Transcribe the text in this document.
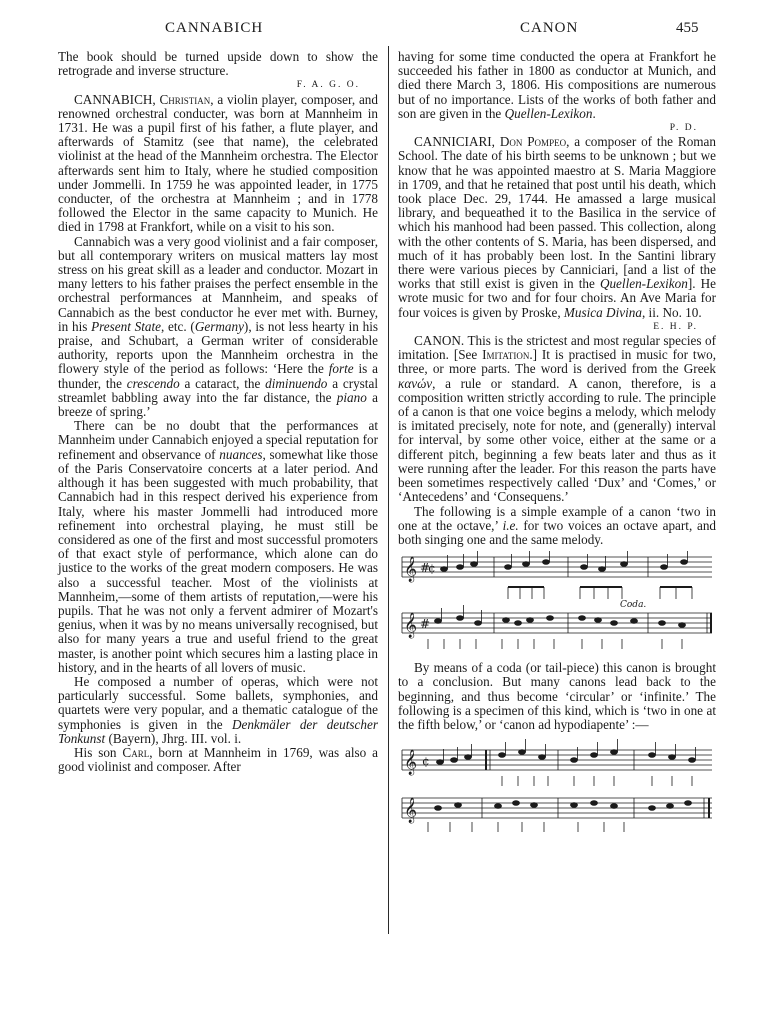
CANNABICH	CANON	455

The book should be turned upside down to show the retrograde and inverse structure.

F. A. G. O.

CANNABICH, Christian, a violin player, composer, and renowned orchestral conducter, was born at Mannheim in 1731. He was a pupil first of his father, a flute player, and afterwards of Stamitz (see that name), the celebrated violinist at the head of the Mannheim orchestra. The Elector afterwards sent him to Italy, where he studied composition under Jommelli. In 1759 he was appointed leader, in 1775 conducter, of the orchestra at Mannheim ; and in 1778 followed the Elector in the same capacity to Munich. He died in 1798 at Frankfort, while on a visit to his son.

Cannabich was a very good violinist and a fair composer, but all contemporary writers on musical matters lay most stress on his great skill as a leader and conductor. Mozart in many letters to his father praises the perfect ensemble in the orchestral performances at Mannheim, and speaks of Cannabich as the best conductor he ever met with. Burney, in his Present State, etc. (Germany), is not less hearty in his praise, and Schubart, a German writer of considerable authority, reports upon the Mannheim orchestra in the flowery style of the period as follows: ‘Here the forte is a thunder, the crescendo a cataract, the diminuendo a crystal streamlet babbling away into the far distance, the piano a breeze of spring.’

There can be no doubt that the performances at Mannheim under Cannabich enjoyed a special reputation for refinement and observance of nuances, somewhat like those of the Paris Conservatoire concerts at a later period. And although it has been suggested with much probability, that Cannabich had in this respect derived his experience from Italy, where his master Jommelli had introduced more refinement into orchestral playing, he must still be considered as one of the first and most successful promoters of that exact style of performance, which alone can do justice to the works of the great modern composers. He was also a successful teacher. Most of the violinists at Mannheim,—some of them artists of reputation,—were his pupils. That he was not only a fervent admirer of Mozart's genius, when it was by no means universally recognised, but also for many years a true and useful friend to the great master, is another point which secures him a lasting place in history, and in the hearts of all lovers of music.

He composed a number of operas, which were not particularly successful. Some ballets, symphonies, and quartets were very popular, and a thematic catalogue of the symphonies is given in the Denkmäler der deutscher Tonkunst (Bayern), Jhrg. III. vol. i.

His son Carl, born at Mannheim in 1769, was also a good violinist and composer. After

having for some time conducted the opera at Frankfort he succeeded his father in 1800 as conductor at Munich, and died there March 3, 1806. His compositions are numerous but of no importance. Lists of the works of both father and son are given in the Quellen-Lexikon.

P. D.

CANNICIARI, Don Pompeo, a composer of the Roman School. The date of his birth seems to be unknown ; but we know that he was appointed maestro at S. Maria Maggiore in 1709, and that he retained that post until his death, which took place Dec. 29, 1744. He amassed a large musical library, and bequeathed it to the Basilica in the service of which his manhood had been passed. This collection, along with the other contents of S. Maria, has been dispersed, and much of it has probably been lost. In the Santini library there were various pieces by Canniciari, [and a list of the works that still exist is given in the Quellen-Lexikon]. He wrote music for two and for four choirs. An Ave Maria for four voices is given by Proske, Musica Divina, ii. No. 10.

E. H. P.

CANON. This is the strictest and most regular species of imitation. [See Imitation.] It is practised in music for two, three, or more parts. The word is derived from the Greek κανών, a rule or standard. A canon, therefore, is a composition written strictly according to rule. The principle of a canon is that one voice begins a melody, which melody is imitated precisely, note for note, and (generally) interval for interval, by some other voice, either at the same or a different pitch, beginning a few beats later and thus as it were running after the leader. For this reason the parts have been sometimes respectively called ‘Dux’ and ‘Comes,’ or ‘Antecedens’ and ‘Consequens.’

The following is a simple example of a canon ‘two in one at the octave,’ i.e. for two voices an octave apart, and both singing one and the same melody.

𝄞
𝄞
#
#
¢
Coda.

By means of a coda (or tail-piece) this canon is brought to a conclusion. But many canons lead back to the beginning, and thus become ‘circular’ or ‘infinite.’ The following is a specimen of this kind, which is ‘two in one at the fifth below,’ or ‘canon ad hypodiapente’ :—

𝄞
𝄞
¢
